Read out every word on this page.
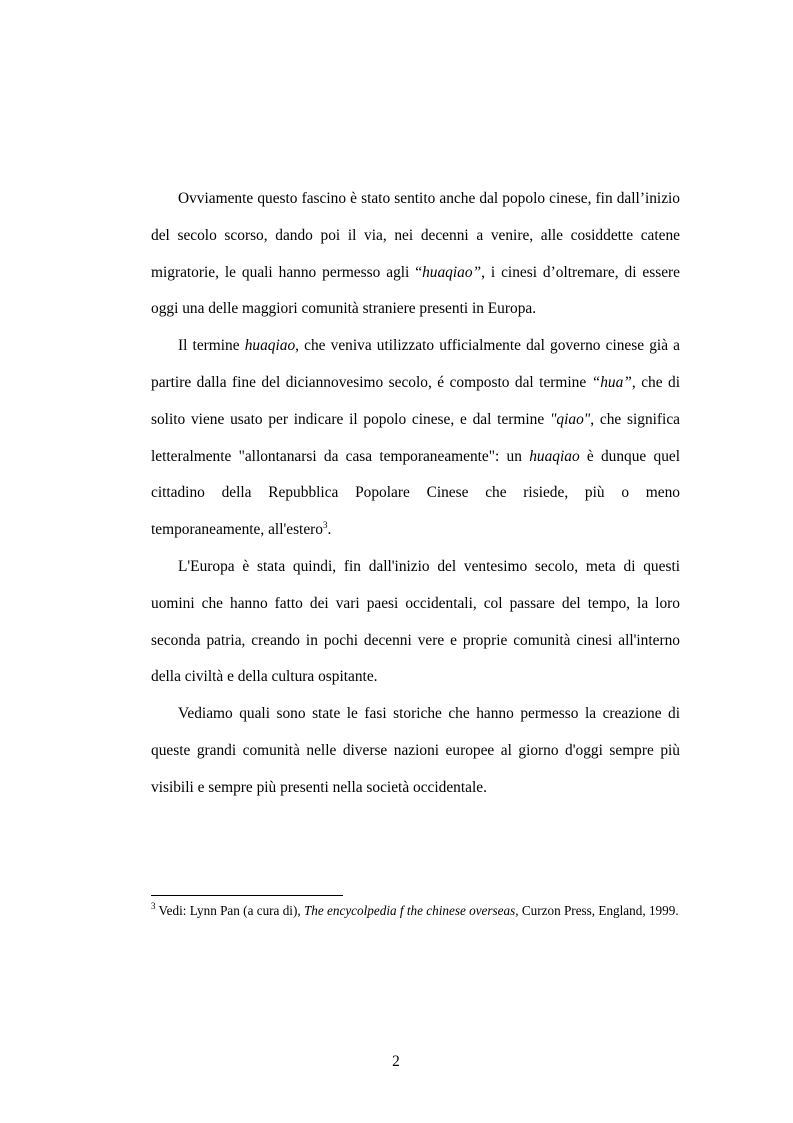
Ovviamente questo fascino è stato sentito anche dal popolo cinese, fin dall’inizio del secolo scorso, dando poi il via, nei decenni a venire, alle cosiddette catene migratorie, le quali hanno permesso agli “huaqiao”, i cinesi d’oltremare, di essere oggi una delle maggiori comunità straniere presenti in Europa.

Il termine huaqiao, che veniva utilizzato ufficialmente dal governo cinese già a partire dalla fine del diciannovesimo secolo, é composto dal termine “hua”, che di solito viene usato per indicare il popolo cinese, e dal termine "qiao", che significa letteralmente "allontanarsi da casa temporaneamente": un huaqiao è dunque quel cittadino della Repubblica Popolare Cinese che risiede, più o meno temporaneamente, all'estero$^3$.

L'Europa è stata quindi, fin dall'inizio del ventesimo secolo, meta di questi uomini che hanno fatto dei vari paesi occidentali, col passare del tempo, la loro seconda patria, creando in pochi decenni vere e proprie comunità cinesi all'interno della civiltà e della cultura ospitante.

Vediamo quali sono state le fasi storiche che hanno permesso la creazione di queste grandi comunità nelle diverse nazioni europee al giorno d'oggi sempre più visibili e sempre più presenti nella società occidentale.

$^3$ Vedi: Lynn Pan (a cura di), The encycolpedia f the chinese overseas, Curzon Press, England, 1999.
2
